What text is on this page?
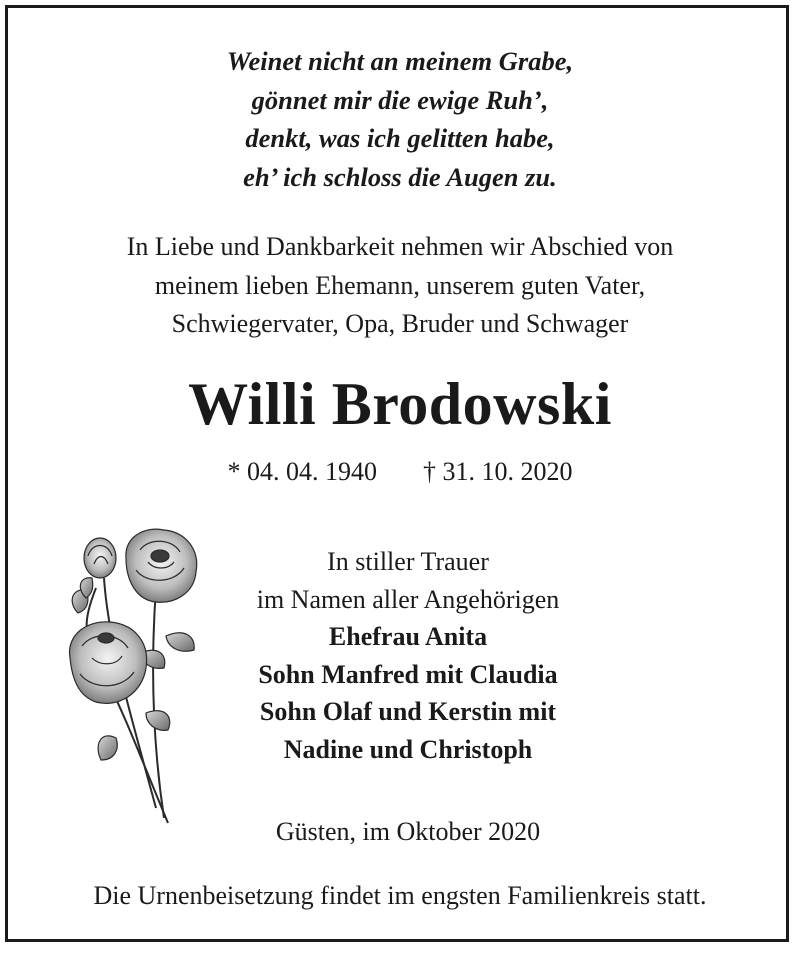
Weinet nicht an meinem Grabe,
gönnet mir die ewige Ruh’,
denkt, was ich gelitten habe,
eh’ ich schloss die Augen zu.
In Liebe und Dankbarkeit nehmen wir Abschied von
meinem lieben Ehemann, unserem guten Vater,
Schwiegervater, Opa, Bruder und Schwager
Willi Brodowski
* 04. 04. 1940 † 31. 10. 2020
In stiller Trauer
im Namen aller Angehörigen
Ehefrau Anita
Sohn Manfred mit Claudia
Sohn Olaf und Kerstin mit
Nadine und Christoph
Güsten, im Oktober 2020
Die Urnenbeisetzung findet im engsten Familienkreis statt.
